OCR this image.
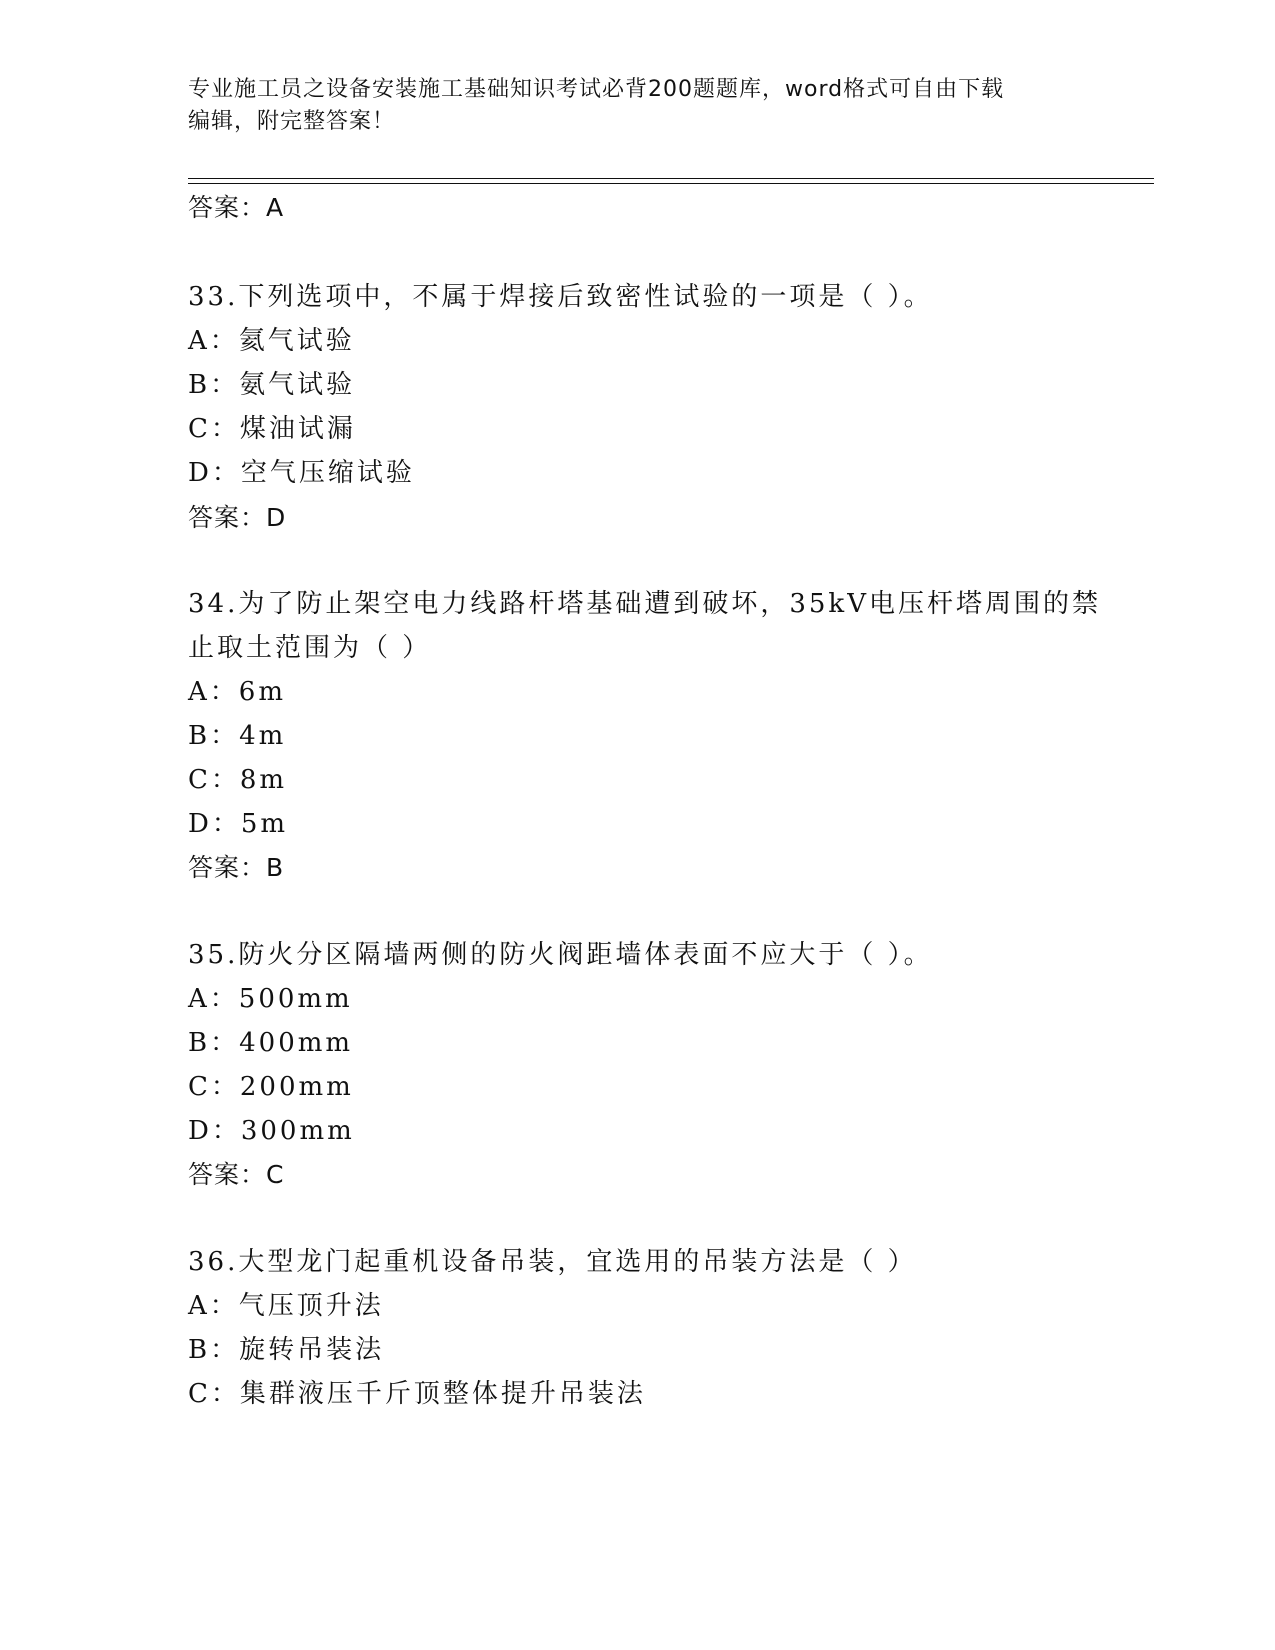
专业施工员之设备安装施工基础知识考试必背200题题库，word格式可自由下载
编辑，附完整答案！
答案：A
33.下列选项中，不属于焊接后致密性试验的一项是（ ）。
A：氦气试验
B：氨气试验
C：煤油试漏
D：空气压缩试验
答案：D
34.为了防止架空电力线路杆塔基础遭到破坏，35kV电压杆塔周围的禁
止取土范围为（ ）
A：6m
B：4m
C：8m
D：5m
答案：B
35.防火分区隔墙两侧的防火阀距墙体表面不应大于（ ）。
A：500mm
B：400mm
C：200mm
D：300mm
答案：C
36.大型龙门起重机设备吊装，宜选用的吊装方法是（ ）
A：气压顶升法
B：旋转吊装法
C：集群液压千斤顶整体提升吊装法
